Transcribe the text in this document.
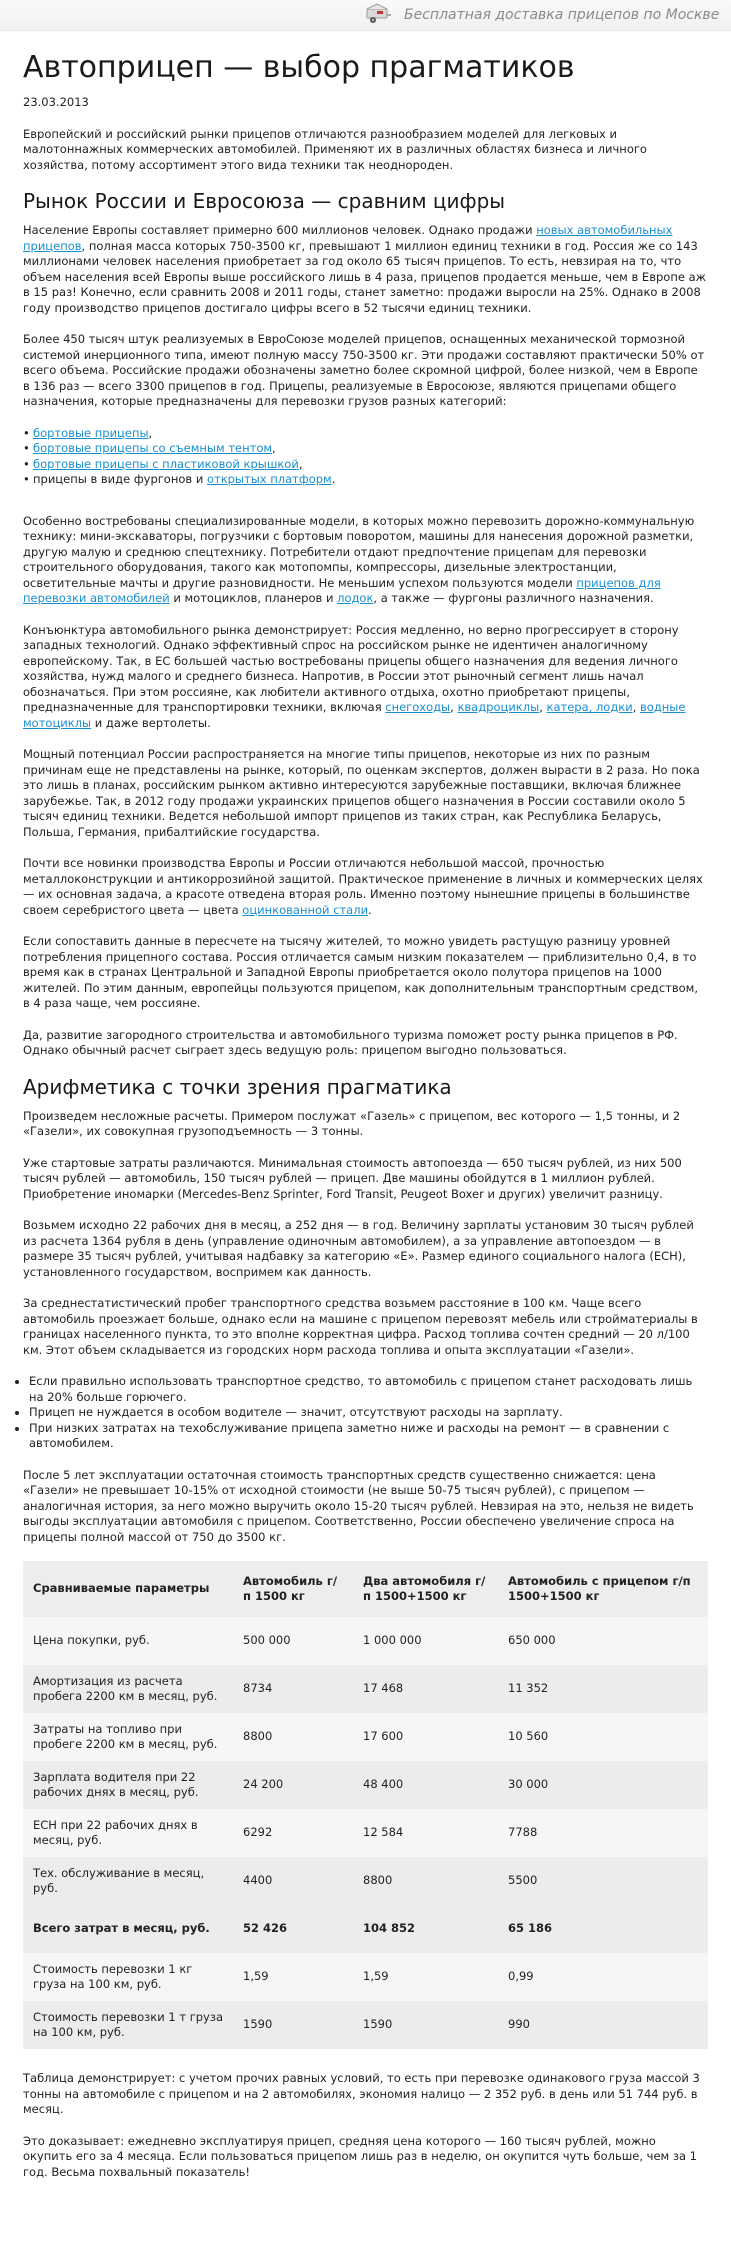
Бесплатная доставка прицепов по Москве
Автоприцеп — выбор прагматиков
23.03.2013

Европейский и российский рынки прицепов отличаются разнообразием моделей для легковых и малотоннажных коммерческих автомобилей. Применяют их в различных областях бизнеса и личного хозяйства, потому ассортимент этого вида техники так неоднороден.

Рынок России и Евросоюза — сравним цифры

Население Европы составляет примерно 600 миллионов человек. Однако продажи новых автомобильных прицепов, полная масса которых 750-3500 кг, превышают 1 миллион единиц техники в год. Россия же со 143 миллионами человек населения приобретает за год около 65 тысяч прицепов. То есть, невзирая на то, что объем населения всей Европы выше российского лишь в 4 раза, прицепов продается меньше, чем в Европе аж в 15 раз! Конечно, если сравнить 2008 и 2011 годы, станет заметно: продажи выросли на 25%. Однако в 2008 году производство прицепов достигало цифры всего в 52 тысячи единиц техники.

Более 450 тысяч штук реализуемых в ЕвроСоюзе моделей прицепов, оснащенных механической тормозной системой инерционного типа, имеют полную массу 750-3500 кг. Эти продажи составляют практически 50% от всего объема. Российские продажи обозначены заметно более скромной цифрой, более низкой, чем в Европе в 136 раз — всего 3300 прицепов в год. Прицепы, реализуемые в Евросоюзе, являются прицепами общего назначения, которые предназначены для перевозки грузов разных категорий:

• бортовые прицепы,
• бортовые прицепы со съемным тентом,
• бортовые прицепы с пластиковой крышкой,
• прицепы в виде фургонов и открытых платформ.

Особенно востребованы специализированные модели, в которых можно перевозить дорожно-коммунальную технику: мини-экскаваторы, погрузчики с бортовым поворотом, машины для нанесения дорожной разметки, другую малую и среднюю спецтехнику. Потребители отдают предпочтение прицепам для перевозки строительного оборудования, такого как мотопомпы, компрессоры, дизельные электростанции, осветительные мачты и другие разновидности. Не меньшим успехом пользуются модели прицепов для перевозки автомобилей и мотоциклов, планеров и лодок, а также — фургоны различного назначения.

Конъюнктура автомобильного рынка демонстрирует: Россия медленно, но верно прогрессирует в сторону западных технологий. Однако эффективный спрос на российском рынке не идентичен аналогичному европейскому. Так, в ЕС большей частью востребованы прицепы общего назначения для ведения личного хозяйства, нужд малого и среднего бизнеса. Напротив, в России этот рыночный сегмент лишь начал обозначаться. При этом россияне, как любители активного отдыха, охотно приобретают прицепы, предназначенные для транспортировки техники, включая снегоходы, квадроциклы, катера, лодки, водные мотоциклы и даже вертолеты.

Мощный потенциал России распространяется на многие типы прицепов, некоторые из них по разным причинам еще не представлены на рынке, который, по оценкам экспертов, должен вырасти в 2 раза. Но пока это лишь в планах, российским рынком активно интересуются зарубежные поставщики, включая ближнее зарубежье. Так, в 2012 году продажи украинских прицепов общего назначения в России составили около 5 тысяч единиц техники. Ведется небольшой импорт прицепов из таких стран, как Республика Беларусь, Польша, Германия, прибалтийские государства.

Почти все новинки производства Европы и России отличаются небольшой массой, прочностью металлоконструкции и антикоррозийной защитой. Практическое применение в личных и коммерческих целях — их основная задача, а красоте отведена вторая роль. Именно поэтому нынешние прицепы в большинстве своем серебристого цвета — цвета оцинкованной стали.

Если сопоставить данные в пересчете на тысячу жителей, то можно увидеть растущую разницу уровней потребления прицепного состава. Россия отличается самым низким показателем — приблизительно 0,4, в то время как в странах Центральной и Западной Европы приобретается около полутора прицепов на 1000 жителей. По этим данным, европейцы пользуются прицепом, как дополнительным транспортным средством, в 4 раза чаще, чем россияне.

Да, развитие загородного строительства и автомобильного туризма поможет росту рынка прицепов в РФ. Однако обычный расчет сыграет здесь ведущую роль: прицепом выгодно пользоваться.

Арифметика с точки зрения прагматика

Произведем несложные расчеты. Примером послужат «Газель» с прицепом, вес которого — 1,5 тонны, и 2 «Газели», их совокупная грузоподъемность — 3 тонны.

Уже стартовые затраты различаются. Минимальная стоимость автопоезда — 650 тысяч рублей, из них 500 тысяч рублей — автомобиль, 150 тысяч рублей — прицеп. Две машины обойдутся в 1 миллион рублей. Приобретение иномарки (Mercedes-Benz Sprinter, Ford Transit, Peugeot Boxer и других) увеличит разницу.

Возьмем исходно 22 рабочих дня в месяц, а 252 дня — в год. Величину зарплаты установим 30 тысяч рублей из расчета 1364 рубля в день (управление одиночным автомобилем), а за управление автопоездом — в размере 35 тысяч рублей, учитывая надбавку за категорию «Е». Размер единого социального налога (ЕСН), установленного государством, воспримем как данность.

За среднестатистический пробег транспортного средства возьмем расстояние в 100 км. Чаще всего автомобиль проезжает больше, однако если на машине с прицепом перевозят мебель или стройматериалы в границах населенного пункта, то это вполне корректная цифра. Расход топлива сочтен средний — 20 л/100 км. Этот объем складывается из городских норм расхода топлива и опыта эксплуатации «Газели».

• Если правильно использовать транспортное средство, то автомобиль с прицепом станет расходовать лишь на 20% больше горючего.
• Прицеп не нуждается в особом водителе — значит, отсутствуют расходы на зарплату.
• При низких затратах на техобслуживание прицепа заметно ниже и расходы на ремонт — в сравнении с автомобилем.

После 5 лет эксплуатации остаточная стоимость транспортных средств существенно снижается: цена «Газели» не превышает 10-15% от исходной стоимости (не выше 50-75 тысяч рублей), с прицепом — аналогичная история, за него можно выручить около 15-20 тысяч рублей. Невзирая на это, нельзя не видеть выгоды эксплуатации автомобиля с прицепом. Соответственно, России обеспечено увеличение спроса на прицепы полной массой от 750 до 3500 кг.

Сравниваемые параметры	Автомобиль г/п 1500 кг	Два автомобиля г/п 1500+1500 кг	Автомобиль с прицепом г/п 1500+1500 кг
Цена покупки, руб.	500 000	1 000 000	650 000
Амортизация из расчета пробега 2200 км в месяц, руб.	8734	17 468	11 352
Затраты на топливо при пробеге 2200 км в месяц, руб.	8800	17 600	10 560
Зарплата водителя при 22 рабочих днях в месяц, руб.	24 200	48 400	30 000
ЕСН при 22 рабочих днях в месяц, руб.	6292	12 584	7788
Тех. обслуживание в месяц, руб.	4400	8800	5500
Всего затрат в месяц, руб.	52 426	104 852	65 186
Стоимость перевозки 1 кг груза на 100 км, руб.	1,59	1,59	0,99
Стоимость перевозки 1 т груза на 100 км, руб.	1590	1590	990

Таблица демонстрирует: с учетом прочих равных условий, то есть при перевозке одинакового груза массой 3 тонны на автомобиле с прицепом и на 2 автомобилях, экономия налицо — 2 352 руб. в день или 51 744 руб. в месяц.

Это доказывает: ежедневно эксплуатируя прицеп, средняя цена которого — 160 тысяч рублей, можно окупить его за 4 месяца. Если пользоваться прицепом лишь раз в неделю, он окупится чуть больше, чем за 1 год. Весьма похвальный показатель!
